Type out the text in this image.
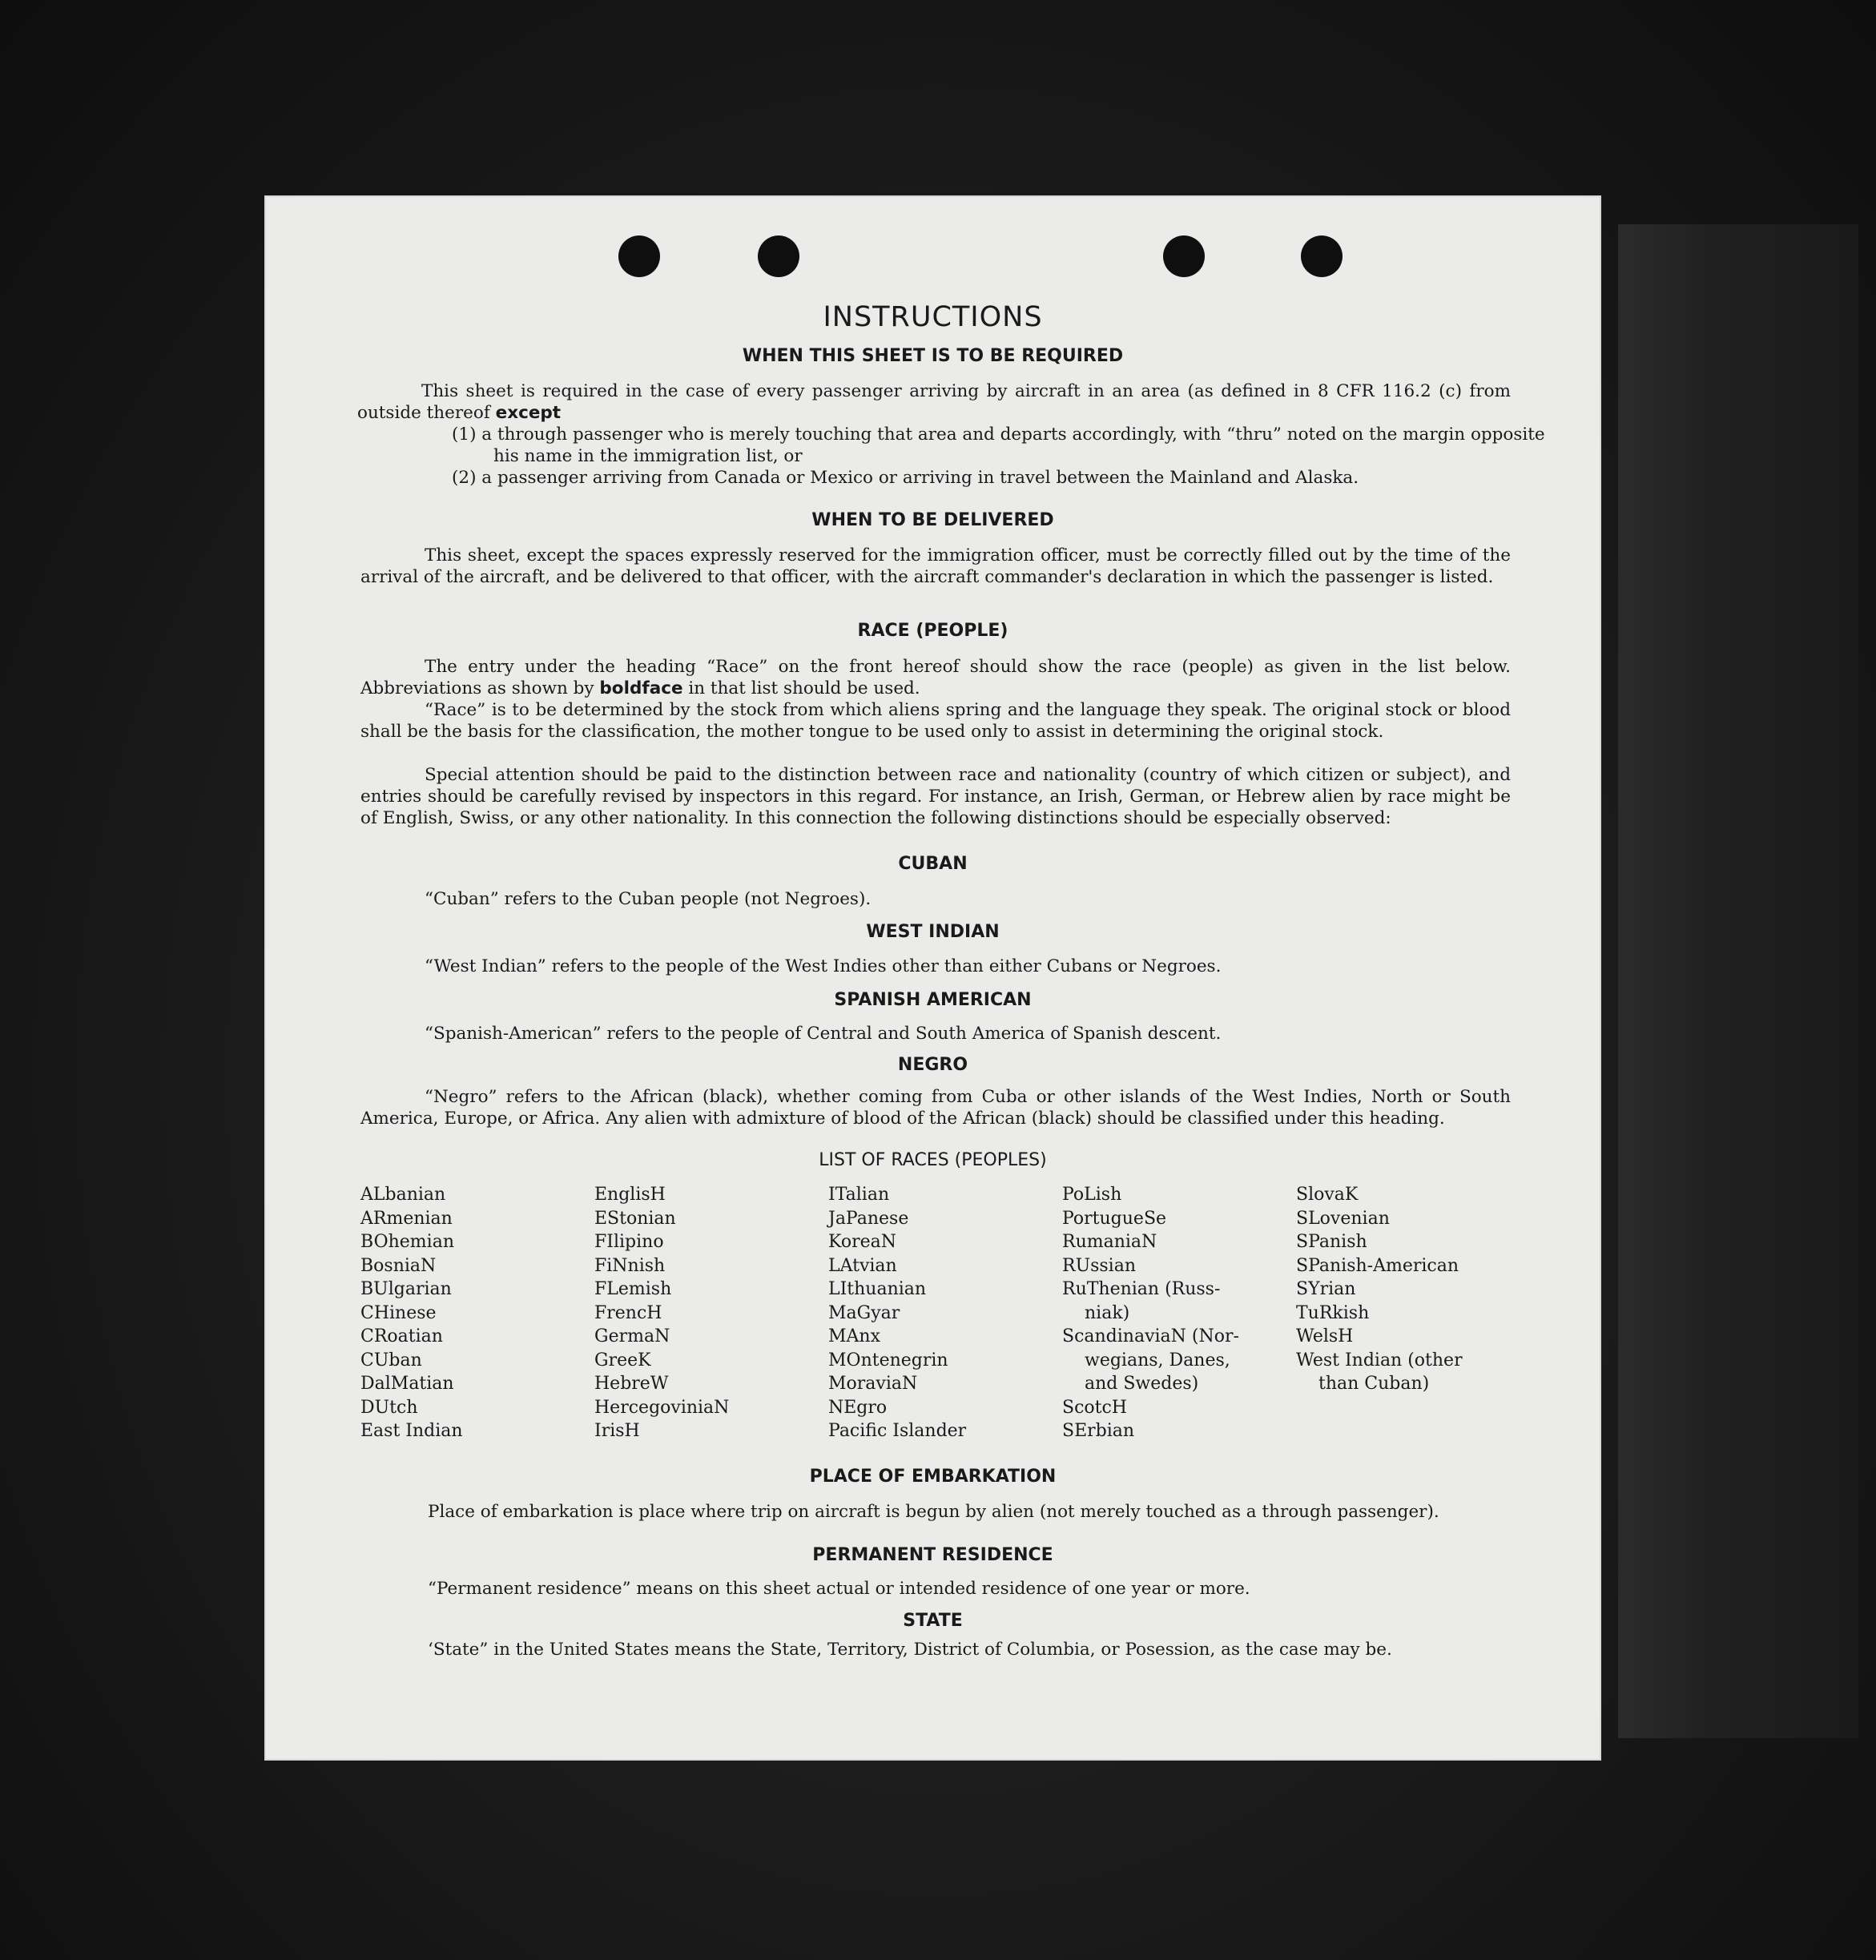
INSTRUCTIONS
WHEN THIS SHEET IS TO BE REQUIRED
This sheet is required in the case of every passenger arriving by aircraft in an area (as defined in 8 CFR 116.2 (c) from outside thereof except
(1) a through passenger who is merely touching that area and departs accordingly, with “thru” noted on the margin opposite his name in the immigration list, or
(2) a passenger arriving from Canada or Mexico or arriving in travel between the Mainland and Alaska.
WHEN TO BE DELIVERED
This sheet, except the spaces expressly reserved for the immigration officer, must be correctly filled out by the time of the arrival of the aircraft, and be delivered to that officer, with the aircraft commander's declaration in which the passenger is listed.
RACE (PEOPLE)
The entry under the heading “Race” on the front hereof should show the race (people) as given in the list below. Abbreviations as shown by boldface in that list should be used.
“Race” is to be determined by the stock from which aliens spring and the language they speak. The original stock or blood shall be the basis for the classification, the mother tongue to be used only to assist in determining the original stock.
Special attention should be paid to the distinction between race and nationality (country of which citizen or subject), and entries should be carefully revised by inspectors in this regard. For instance, an Irish, German, or Hebrew alien by race might be of English, Swiss, or any other nationality. In this connection the following distinctions should be especially observed:
CUBAN
“Cuban” refers to the Cuban people (not Negroes).
WEST INDIAN
“West Indian” refers to the people of the West Indies other than either Cubans or Negroes.
SPANISH AMERICAN
“Spanish-American” refers to the people of Central and South America of Spanish descent.
NEGRO
“Negro” refers to the African (black), whether coming from Cuba or other islands of the West Indies, North or South America, Europe, or Africa. Any alien with admixture of blood of the African (black) should be classified under this heading.
LIST OF RACES (PEOPLES)
ALbanian
ARmenian
BOhemian
BosniaN
BUlgarian
CHinese
CRoatian
CUban
DalMatian
DUtch
East Indian
EnglisH
EStonian
FIlipino
FiNnish
FLemish
FrencH
GermaN
GreeK
HebreW
HercegoviniaN
IrisH
ITalian
JaPanese
KoreaN
LAtvian
LIthuanian
MaGyar
MAnx
MOntenegrin
MoraviaN
NEgro
Pacific Islander
PoLish
PortugueSe
RumaniaN
RUssian
RuThenian (Russ-
niak)
ScandinaviaN (Nor-
wegians, Danes,
and Swedes)
ScotcH
SErbian
SlovaK
SLovenian
SPanish
SPanish-American
SYrian
TuRkish
WelsH
West Indian (other
than Cuban)
PLACE OF EMBARKATION
Place of embarkation is place where trip on aircraft is begun by alien (not merely touched as a through passenger).
PERMANENT RESIDENCE
“Permanent residence” means on this sheet actual or intended residence of one year or more.
STATE
‘State” in the United States means the State, Territory, District of Columbia, or Posession, as the case may be.
